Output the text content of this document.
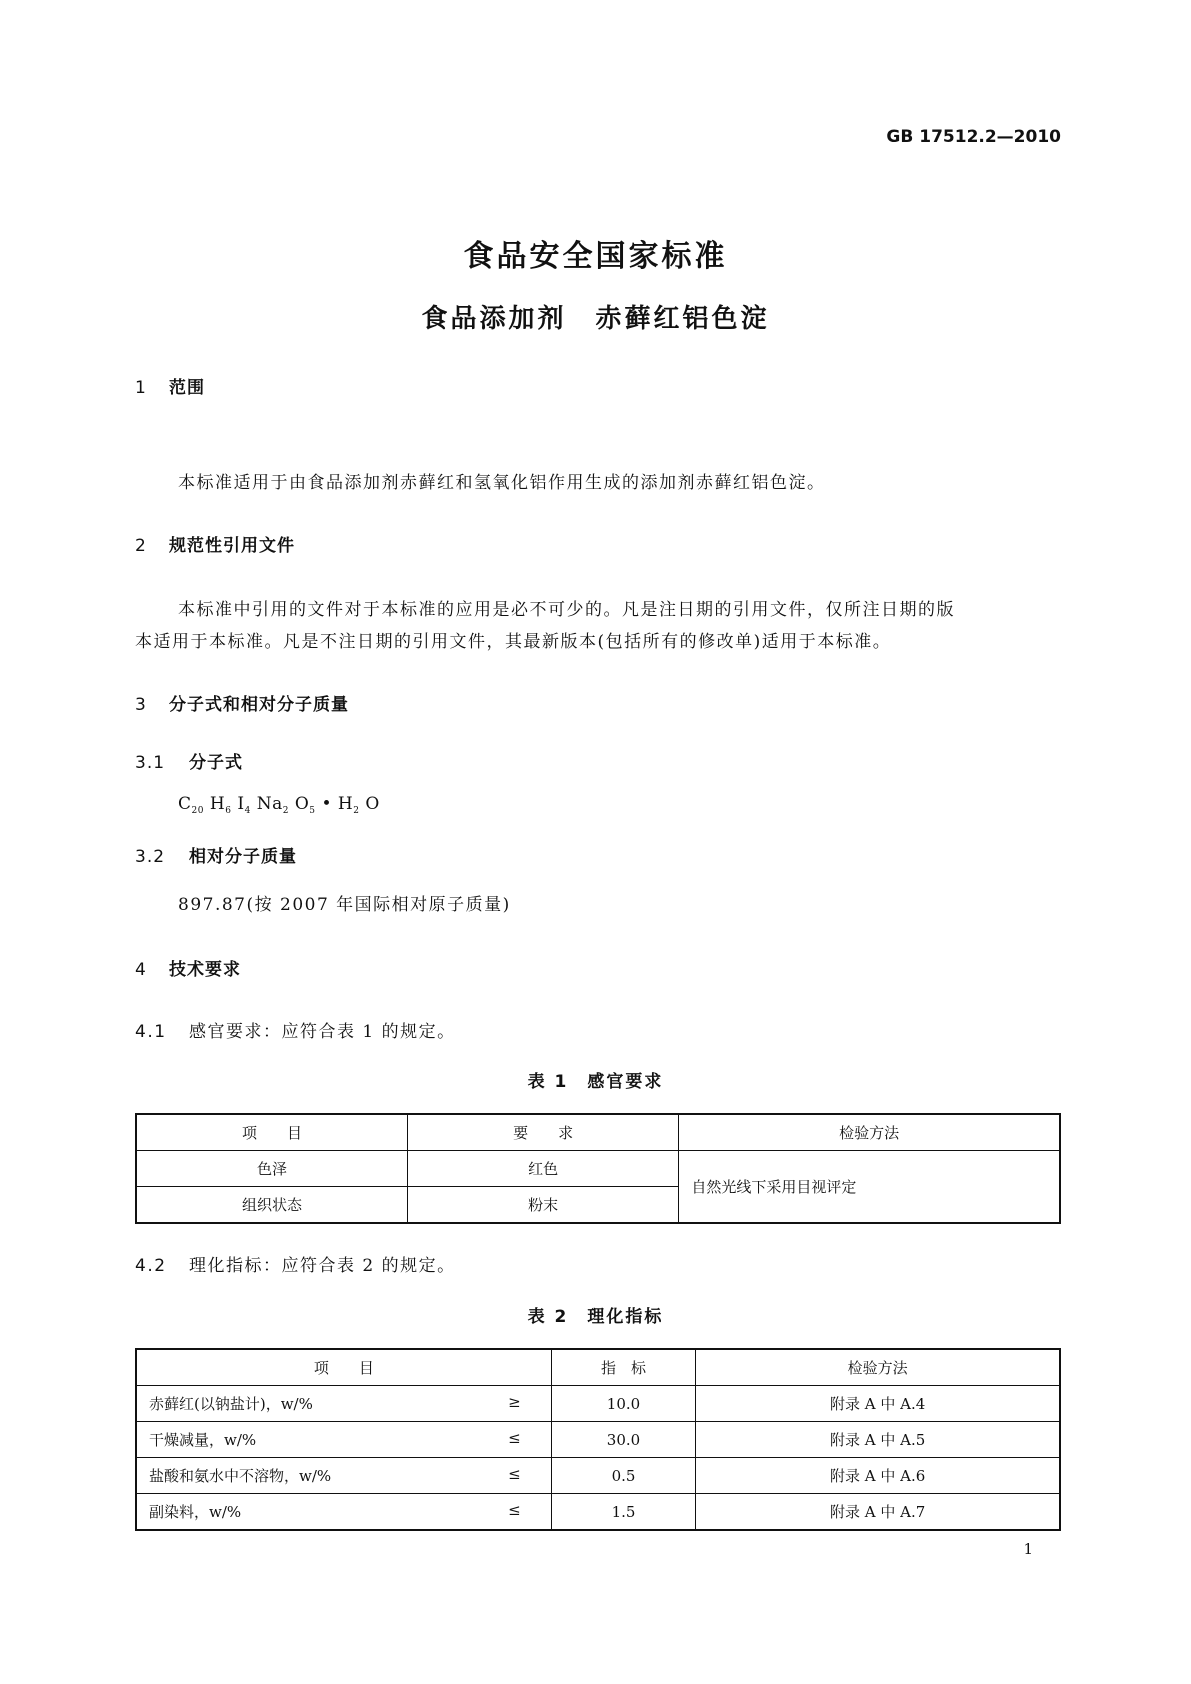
GB 17512.2—2010
食品安全国家标准
食品添加剂　赤藓红铝色淀
1 范围

本标准适用于由食品添加剂赤藓红和氢氧化铝作用生成的添加剂赤藓红铝色淀。

2 规范性引用文件

本标准中引用的文件对于本标准的应用是必不可少的。凡是注日期的引用文件，仅所注日期的版

本适用于本标准。凡是不注日期的引用文件，其最新版本(包括所有的修改单)适用于本标准。

3 分子式和相对分子质量
3.1 分子式

$C_{20}$ $H_6$ $I_4$ $Na_2$ $O_5$ • $H_2$ O

3.2 相对分子质量

897.87(按 2007 年国际相对原子质量)

4 技术要求
4.1 感官要求：应符合表 1 的规定。
表 1　感官要求
项　　目	要　　求	检验方法
色泽	红色	自然光线下采用目视评定
组织状态	粉末	
4.2 理化指标：应符合表 2 的规定。
表 2　理化指标
项　　目	指　标	检验方法

赤藓红(以钠盐计)，w/% ≥	10.0	附录 A 中 A.4

干燥减量，w/% ≤	30.0	附录 A 中 A.5

盐酸和氨水中不溶物，w/% ≤	0.5	附录 A 中 A.6

副染料，w/% ≤	1.5	附录 A 中 A.7
1
